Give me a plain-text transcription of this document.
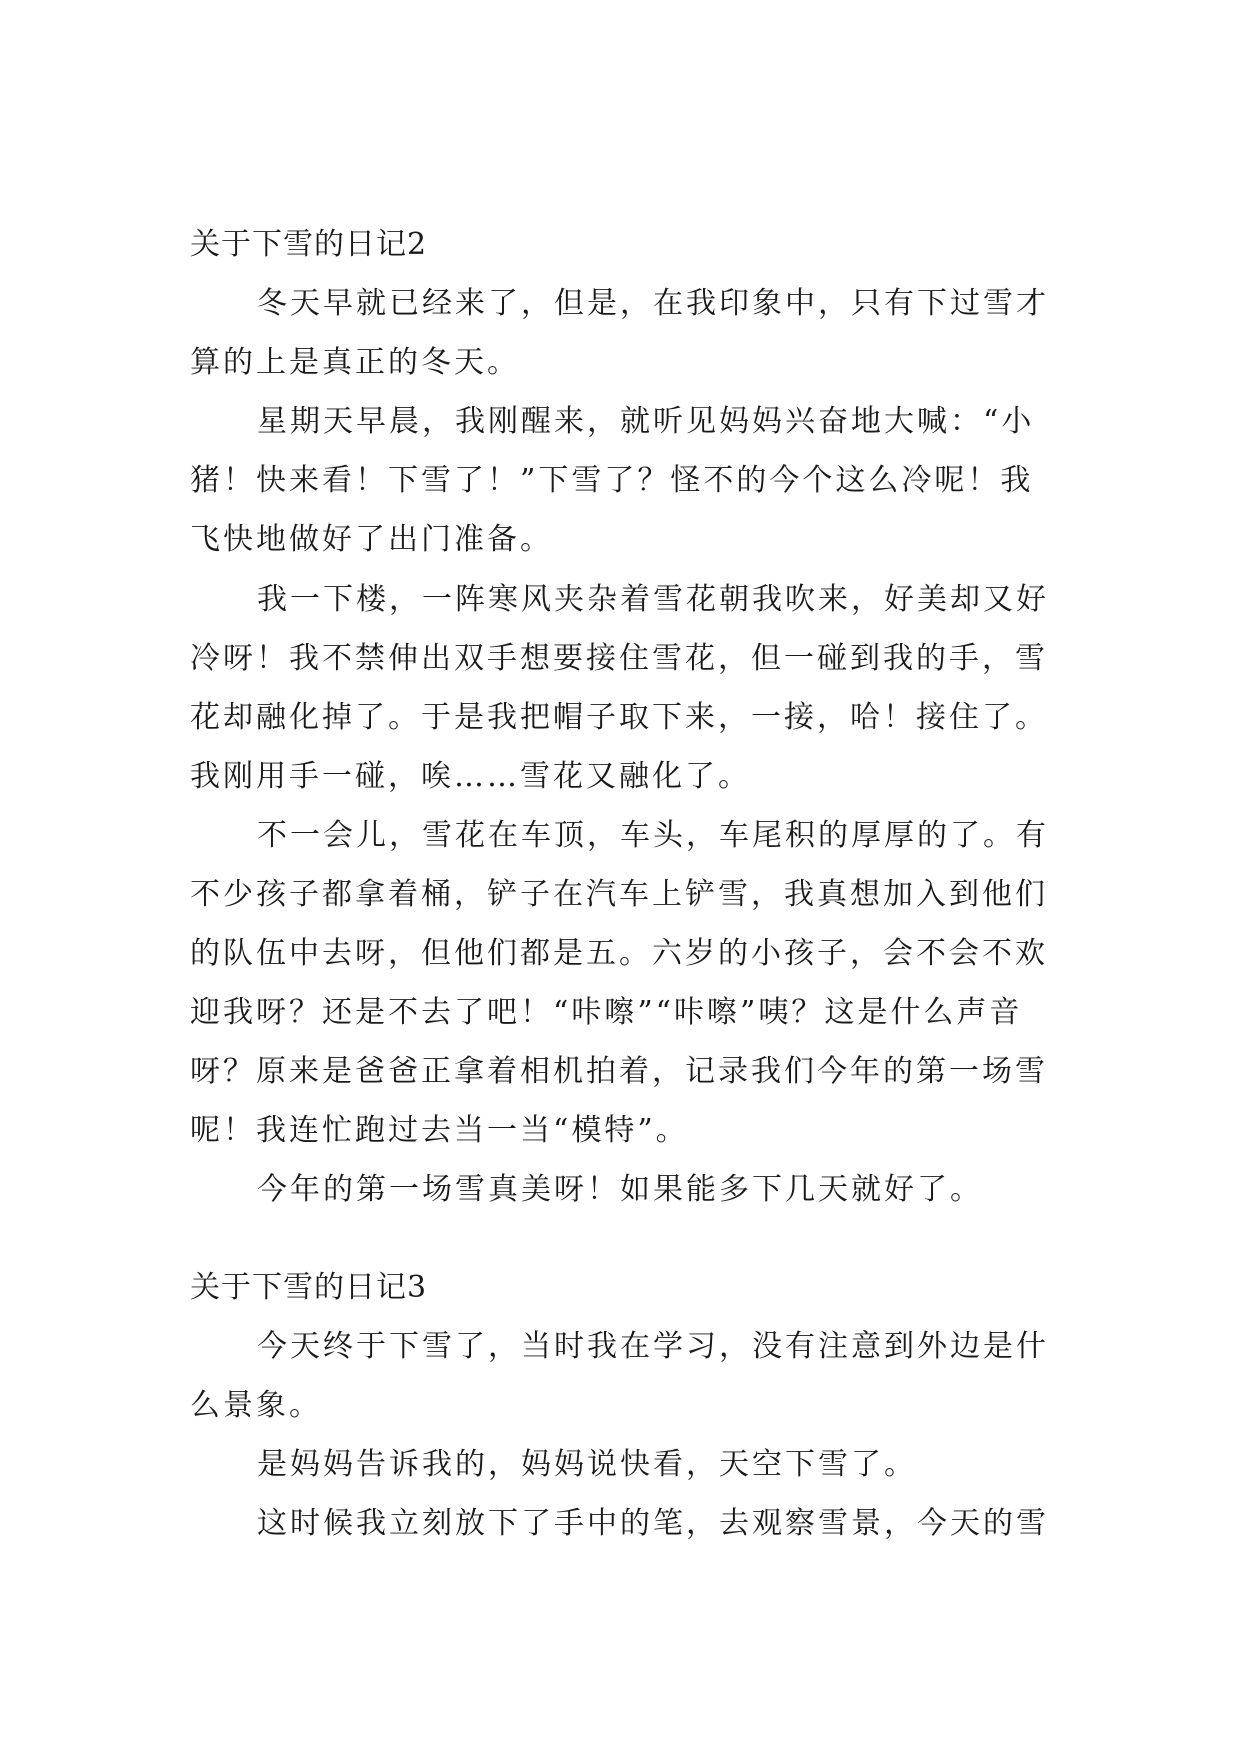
关于下雪的日记2
冬天早就已经来了，但是，在我印象中，只有下过雪才
算的上是真正的冬天。
星期天早晨，我刚醒来，就听见妈妈兴奋地大喊：“小
猪！快来看！下雪了！”下雪了？怪不的今个这么冷呢！我
飞快地做好了出门准备。
我一下楼，一阵寒风夹杂着雪花朝我吹来，好美却又好
冷呀！我不禁伸出双手想要接住雪花，但一碰到我的手，雪
花却融化掉了。于是我把帽子取下来，一接，哈！接住了。
我刚用手一碰，唉……雪花又融化了。
不一会儿，雪花在车顶，车头，车尾积的厚厚的了。有
不少孩子都拿着桶，铲子在汽车上铲雪，我真想加入到他们
的队伍中去呀，但他们都是五。六岁的小孩子，会不会不欢
迎我呀？还是不去了吧！“咔嚓”“咔嚓”咦？这是什么声音
呀？原来是爸爸正拿着相机拍着，记录我们今年的第一场雪
呢！我连忙跑过去当一当“模特”。
今年的第一场雪真美呀！如果能多下几天就好了。
关于下雪的日记3
今天终于下雪了，当时我在学习，没有注意到外边是什
么景象。
是妈妈告诉我的，妈妈说快看，天空下雪了。
这时候我立刻放下了手中的笔，去观察雪景，今天的雪
